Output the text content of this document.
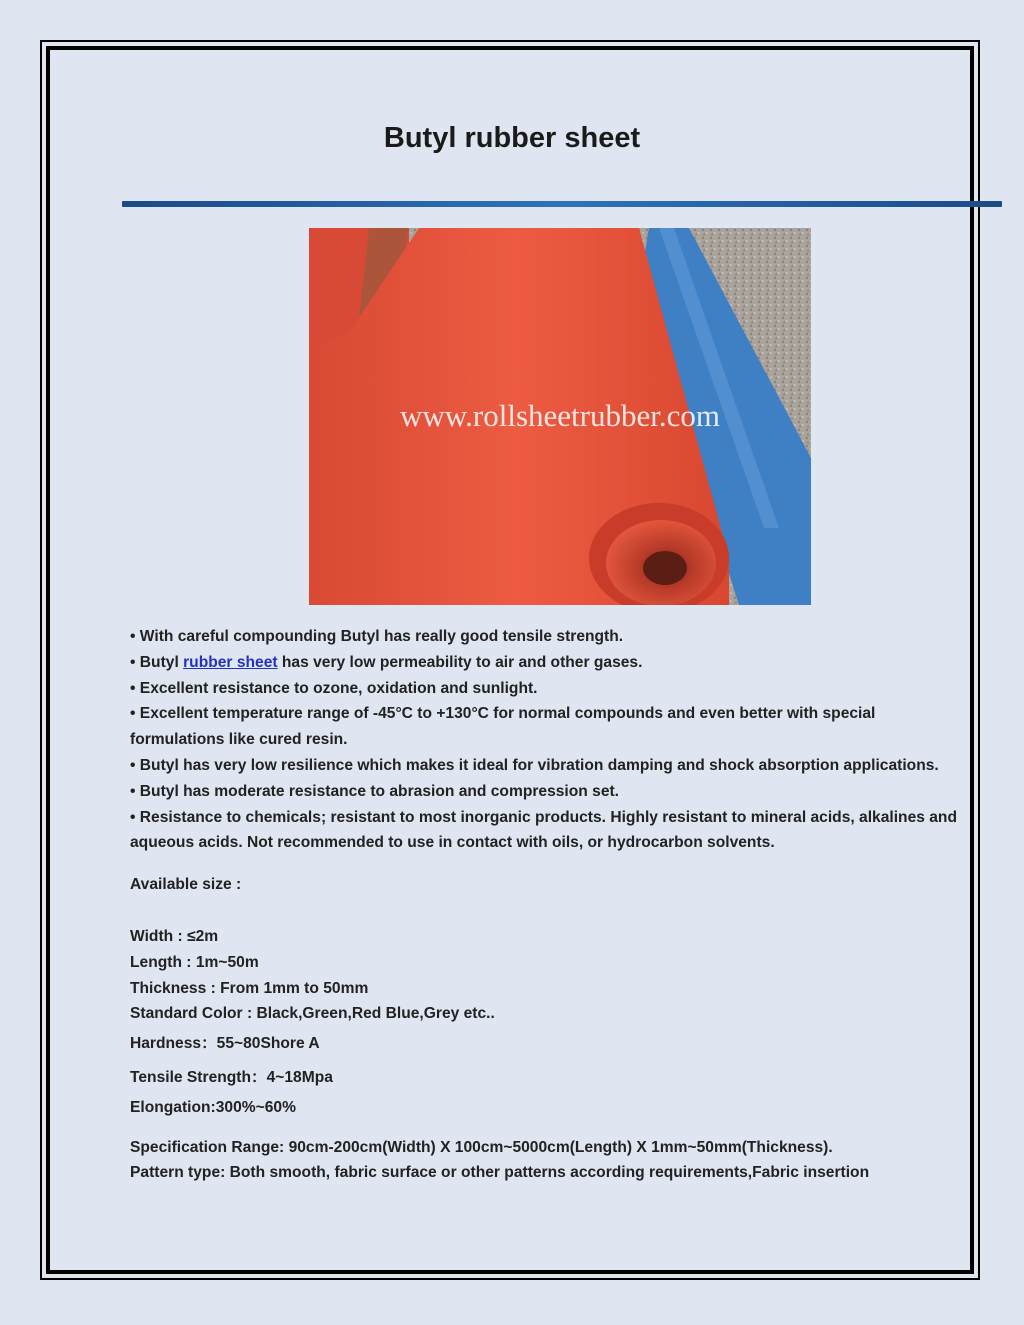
Butyl rubber sheet
www.rollsheetrubber.com

• With careful compounding Butyl has really good tensile strength.

• Butyl rubber sheet has very low permeability to air and other gases.

• Excellent resistance to ozone, oxidation and sunlight.

• Excellent temperature range of -45°C to +130°C for normal compounds and even better with special formulations like cured resin.

• Butyl has very low resilience which makes it ideal for vibration damping and shock absorption applications.

• Butyl has moderate resistance to abrasion and compression set.

• Resistance to chemicals; resistant to most inorganic products. Highly resistant to mineral acids, alkalines and aqueous acids. Not recommended to use in contact with oils, or hydrocarbon solvents.

Available size :

Width : ≤2m

Length : 1m~50m

Thickness : From 1mm to 50mm

Standard Color : Black,Green,Red Blue,Grey etc..

Hardness：55~80Shore A

Tensile Strength：4~18Mpa

Elongation:300%~60%

Specification Range: 90cm-200cm(Width) X 100cm~5000cm(Length) X 1mm~50mm(Thickness).

Pattern type: Both smooth, fabric surface or other patterns according requirements,Fabric insertion
